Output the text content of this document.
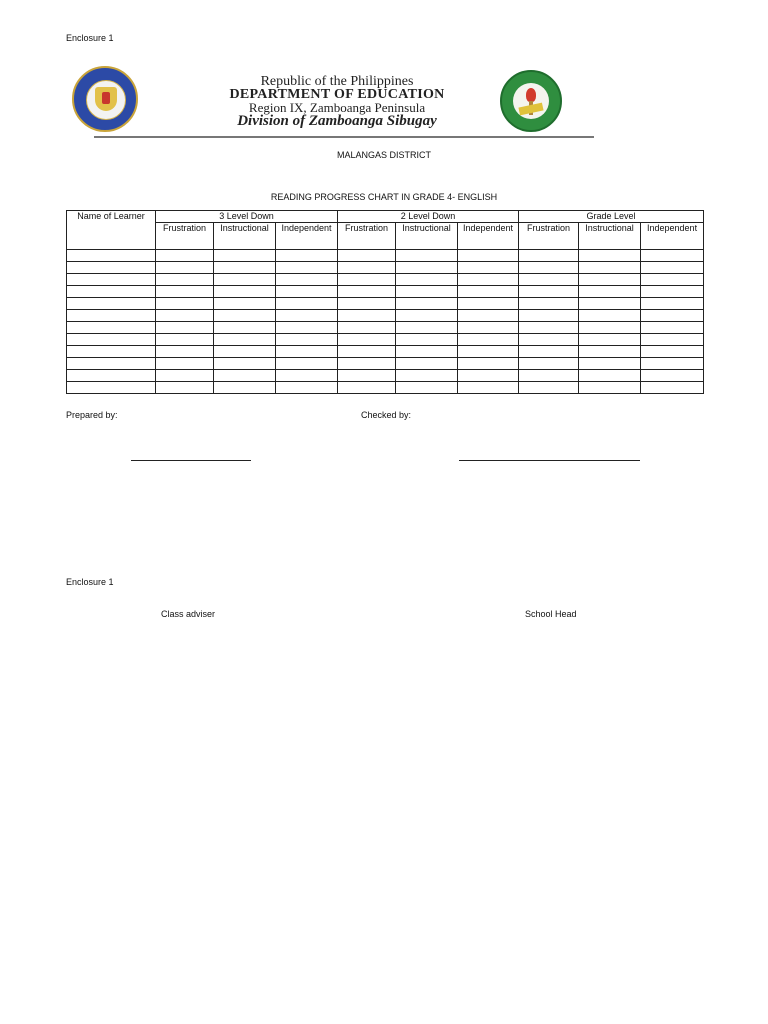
Enclosure 1
Republic of the Philippines
DEPARTMENT OF EDUCATION
Region IX, Zamboanga Peninsula
Division of Zamboanga Sibugay
MALANGAS DISTRICT
READING PROGRESS CHART IN GRADE 4- ENGLISH
Name of Learner	3 Level Down			2 Level Down			Grade Level		
	Frustration	Instructional	Independent	Frustration	Instructional	Independent	Frustration	Instructional	Independent

Prepared by:	Checked by:
Enclosure 1
Class adviser	School Head
